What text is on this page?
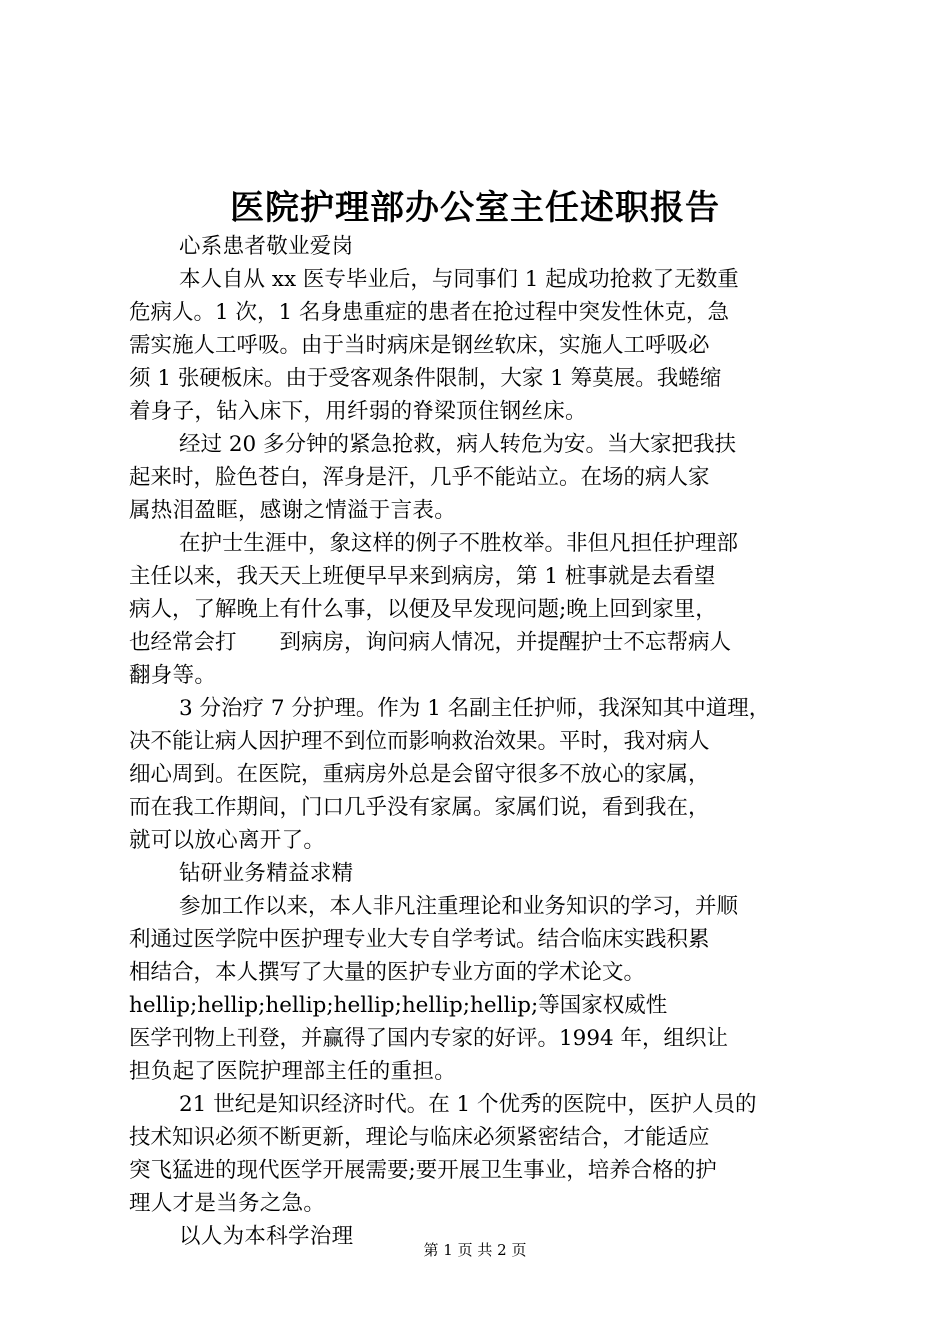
医院护理部办公室主任述职报告
心系患者敬业爱岗
本人自从 xx 医专毕业后，与同事们 1 起成功抢救了无数重
危病人。1 次，1 名身患重症的患者在抢过程中突发性休克，急
需实施人工呼吸。由于当时病床是钢丝软床，实施人工呼吸必
须 1 张硬板床。由于受客观条件限制，大家 1 筹莫展。我蜷缩
着身子，钻入床下，用纤弱的脊梁顶住钢丝床。
经过 20 多分钟的紧急抢救，病人转危为安。当大家把我扶
起来时，脸色苍白，浑身是汗，几乎不能站立。在场的病人家
属热泪盈眶，感谢之情溢于言表。
在护士生涯中，象这样的例子不胜枚举。非但凡担任护理部
主任以来，我天天上班便早早来到病房，第 1 桩事就是去看望
病人，了解晚上有什么事，以便及早发现问题;晚上回到家里，
也经常会打　　到病房，询问病人情况，并提醒护士不忘帮病人
翻身等。
3 分治疗 7 分护理。作为 1 名副主任护师，我深知其中道理，
决不能让病人因护理不到位而影响救治效果。平时，我对病人
细心周到。在医院，重病房外总是会留守很多不放心的家属，
而在我工作期间，门口几乎没有家属。家属们说，看到我在，
就可以放心离开了。
钻研业务精益求精
参加工作以来，本人非凡注重理论和业务知识的学习，并顺
利通过医学院中医护理专业大专自学考试。结合临床实践积累
相结合，本人撰写了大量的医护专业方面的学术论文。
hellip;hellip;hellip;hellip;hellip;hellip;等国家权威性
医学刊物上刊登，并赢得了国内专家的好评。1994 年，组织让
担负起了医院护理部主任的重担。
21 世纪是知识经济时代。在 1 个优秀的医院中，医护人员的
技术知识必须不断更新，理论与临床必须紧密结合，才能适应
突飞猛进的现代医学开展需要;要开展卫生事业，培养合格的护
理人才是当务之急。
以人为本科学治理
第 1 页 共 2 页
